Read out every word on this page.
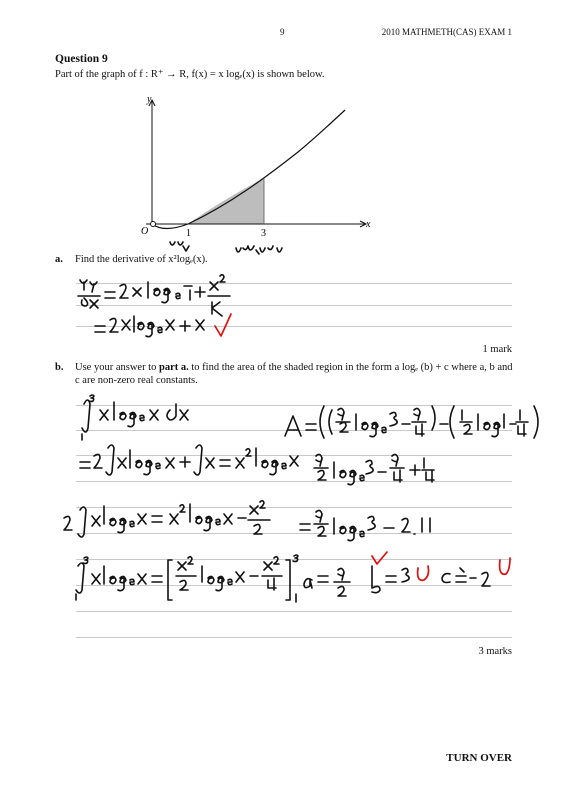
9	2010 MATHMETH(CAS) EXAM 1
Question 9
Part of the graph of f : R⁺ → R, f(x) = x logₑ(x) is shown below.
y
x
O	1	3
a. Find the derivative of x²logₑ(x).
1 mark
b. Use your answer to part a. to find the area of the shaded region in the form a logₑ (b) + c where a, b and
c are non-zero real constants.
3 marks
TURN OVER
